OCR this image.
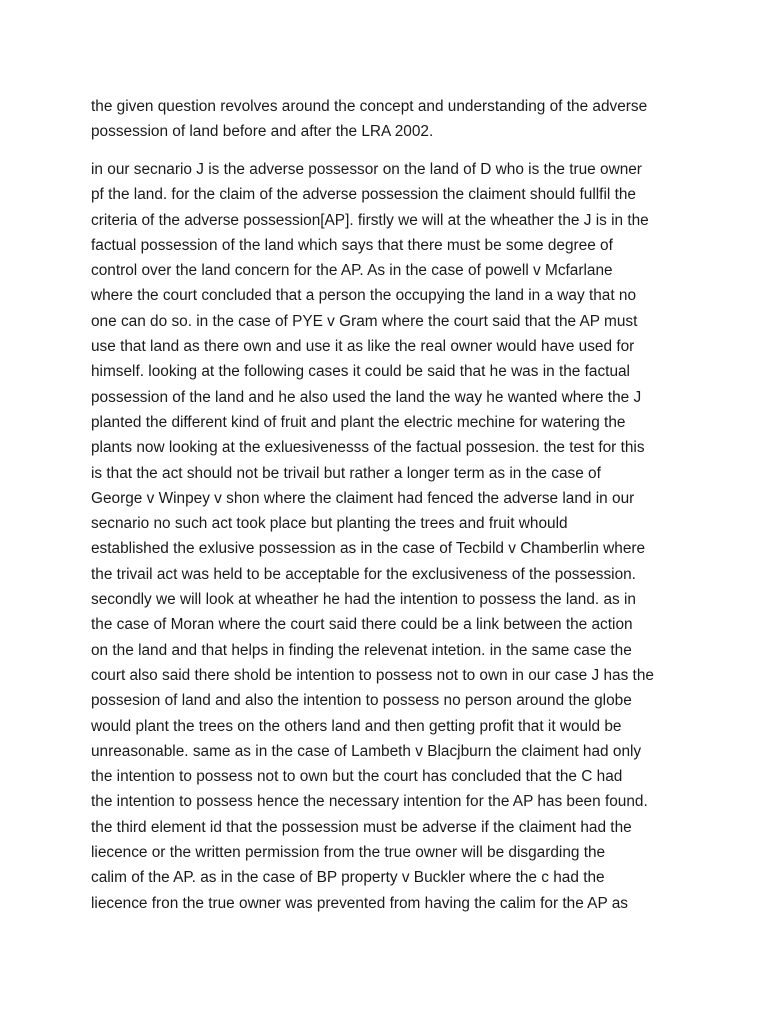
the given question revolves around the concept and understanding of the adverse
possession of land before and after the LRA 2002.
in our secnario J is the adverse possessor on the land of D who is the true owner
pf the land. for the claim of the adverse possession the claiment should fullfil the
criteria of the adverse possession[AP]. firstly we will at the wheather the J is in the
factual possession of the land which says that there must be some degree of
control over the land concern for the AP. As in the case of powell v Mcfarlane
where the court concluded that a person the occupying the land in a way that no
one can do so. in the case of PYE v Gram where the court said that the AP must
use that land as there own and use it as like the real owner would have used for
himself. looking at the following cases it could be said that he was in the factual
possession of the land and he also used the land the way he wanted where the J
planted the different kind of fruit and plant the electric mechine for watering the
plants now looking at the exluesivenesss of the factual possesion. the test for this
is that the act should not be trivail but rather a longer term as in the case of
George v Winpey v shon where the claiment had fenced the adverse land in our
secnario no such act took place but planting the trees and fruit whould
established the exlusive possession as in the case of Tecbild v Chamberlin where
the trivail act was held to be acceptable for the exclusiveness of the possession.
secondly we will look at wheather he had the intention to possess the land. as in
the case of Moran where the court said there could be a link between the action
on the land and that helps in finding the relevenat intetion. in the same case the
court also said there shold be intention to possess not to own in our case J has the
possesion of land and also the intention to possess no person around the globe
would plant the trees on the others land and then getting profit that it would be
unreasonable. same as in the case of Lambeth v Blacjburn the claiment had only
the intention to possess not to own but the court has concluded that the C had
the intention to possess hence the necessary intention for the AP has been found.
the third element id that the possession must be adverse if the claiment had the
liecence or the written permission from the true owner will be disgarding the
calim of the AP. as in the case of BP property v Buckler where the c had the
liecence fron the true owner was prevented from having the calim for the AP as
